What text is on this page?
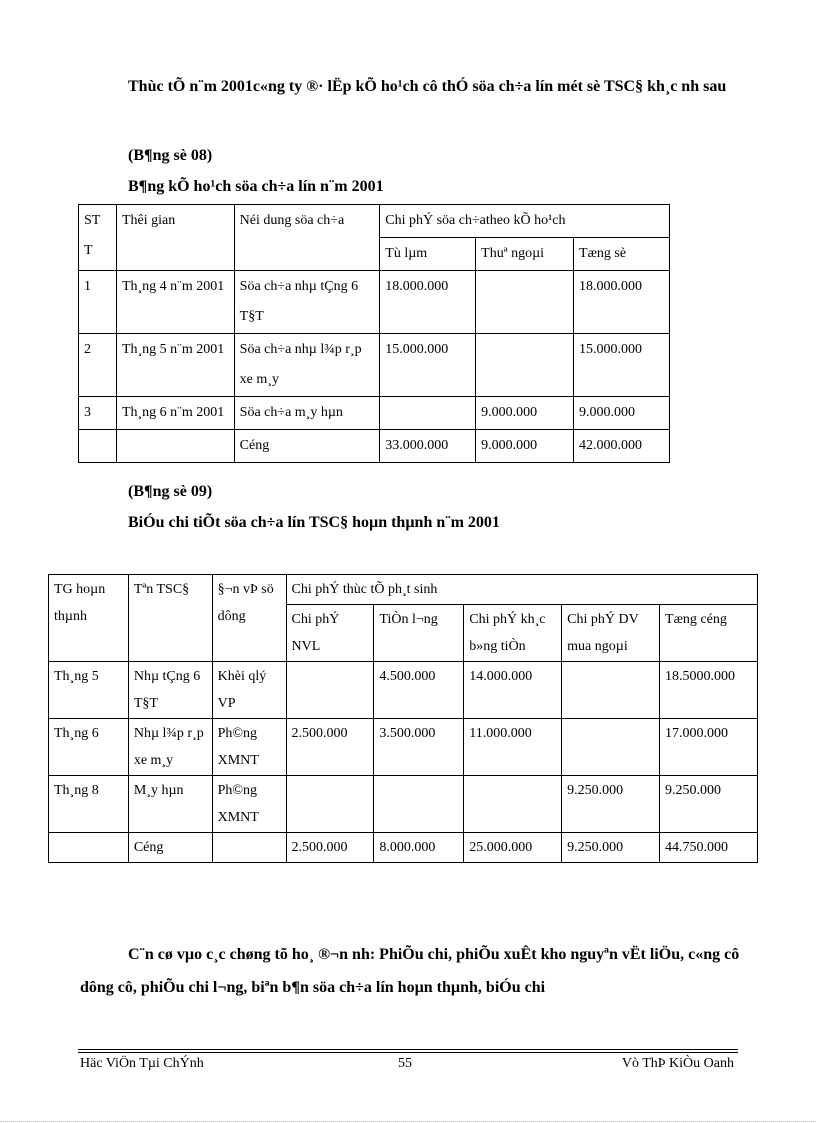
Thùc tÕ n¨m 2001c«ng ty ®· lËp kÕ ho¹ch cô thÓ söa ch÷a lín mét sè TSC§ kh¸c nh sau
(B¶ng sè 08)
B¶ng kÕ ho¹ch söa ch÷a lín n¨m 2001
ST T	Thêi gian	Néi dung söa ch÷a	Chi phÝ söa ch÷atheo kÕ ho¹ch		
			Tù lµm	Thuª ngoµi	Tæng sè
1	Th¸ng 4 n¨m 2001	Söa ch÷a nhµ tÇng 6 T§T	18.000.000		18.000.000
2	Th¸ng 5 n¨m 2001	Söa ch÷a nhµ l¾p r¸p xe m¸y	15.000.000		15.000.000
3	Th¸ng 6 n¨m 2001	Söa ch÷a m¸y hµn		9.000.000	9.000.000
		Céng	33.000.000	9.000.000	42.000.000
(B¶ng sè 09)
BiÓu chi tiÕt söa ch÷a lín TSC§ hoµn thµnh n¨m 2001
TG hoµn thµnh	Tªn TSC§	§¬n vÞ sö dông	Chi phÝ thùc tÕ ph¸t sinh				
			Chi phÝ NVL	TiÒn l¬ng	Chi phÝ kh¸c b»ng tiÒn	Chi phÝ DV mua ngoµi	Tæng céng
Th¸ng 5	Nhµ tÇng 6 T§T	Khèi qlý VP		4.500.000	14.000.000		18.5000.000
Th¸ng 6	Nhµ l¾p r¸p xe m¸y	Ph©ng XMNT	2.500.000	3.500.000	11.000.000		17.000.000
Th¸ng 8	M¸y hµn	Ph©ng XMNT				9.250.000	9.250.000
	Céng		2.500.000	8.000.000	25.000.000	9.250.000	44.750.000
C¨n cø vµo c¸c chøng tõ ho¸ ®¬n nh: PhiÕu chi, phiÕu xuÊt kho nguyªn vËt liÖu, c«ng cô dông cô, phiÕu chi l¬ng, biªn b¶n söa ch÷a lín hoµn thµnh, biÓu chi
Häc ViÖn Tµi ChÝnh	55	Vò ThÞ KiÒu Oanh
